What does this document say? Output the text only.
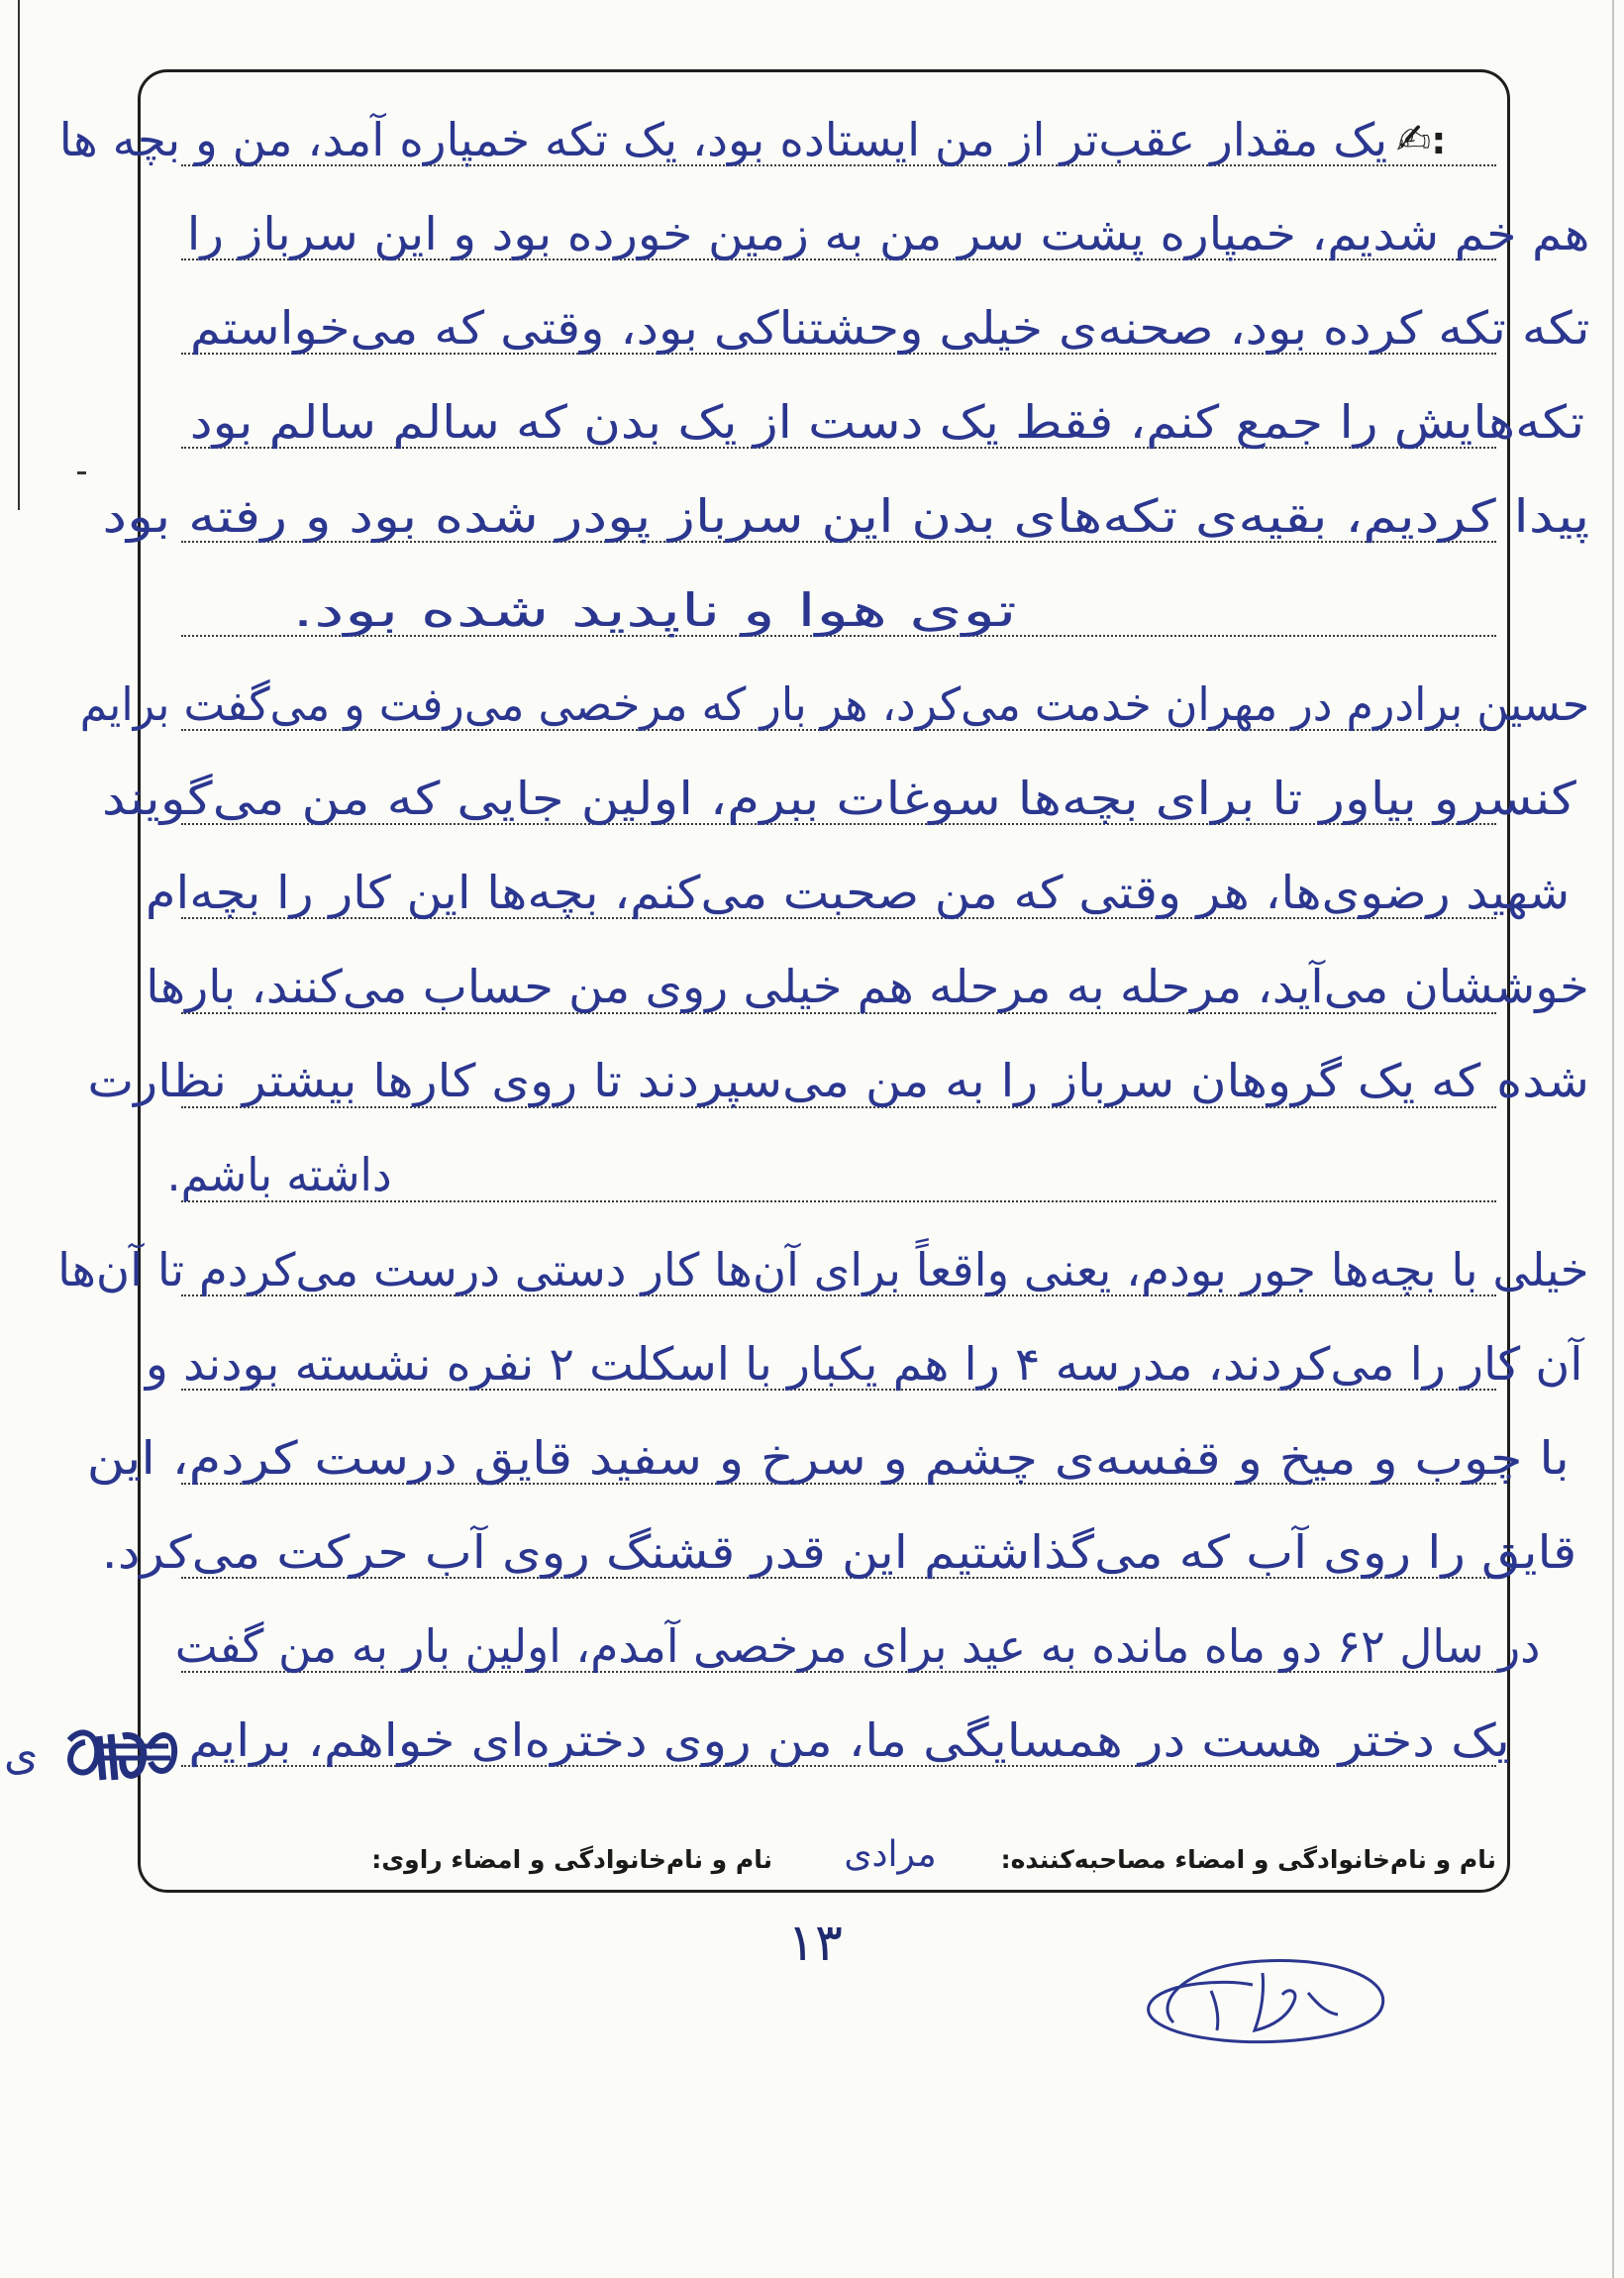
✍ :
یک مقدار عقب‌تر از من ایستاده بود، یک تکه خمپاره آمد، من و بچه ها
هم خم شدیم، خمپاره پشت سر من به زمین خورده بود و این سرباز را
تکه تکه کرده بود، صحنه‌ی خیلی وحشتناکی بود، وقتی که می‌خواستم
تکه‌هایش را جمع کنم، فقط یک دست از یک بدن که سالم سالم بود
پیدا کردیم، بقیه‌ی تکه‌های بدن این سرباز پودر شده بود و رفته بود
توی هوا و ناپدید شده بود.
حسین برادرم در مهران خدمت می‌کرد، هر بار که مرخصی می‌رفت و می‌گفت برایم
کنسرو بیاور تا برای بچه‌ها سوغات ببرم، اولین جایی که من می‌گویند
شهید رضوی‌ها، هر وقتی که من صحبت می‌کنم، بچه‌ها این کار را بچه‌ام
خوششان می‌آید، مرحله به مرحله هم خیلی روی من حساب می‌کنند، بارها
شده که یک گروهان سرباز را به من می‌سپردند تا روی کارها بیشتر نظارت
داشته باشم.
خیلی با بچه‌ها جور بودم، یعنی واقعاً برای آن‌ها کار دستی درست می‌کردم تا آن‌ها
آن کار را می‌کردند، مدرسه ۴ را هم یکبار با اسکلت ۲ نفره نشسته بودند و
با چوب و میخ و قفسه‌ی چشم و سرخ و سفید قایق درست کردم، این
قایق را روی آب که می‌گذاشتیم این قدر قشنگ روی آب حرکت می‌کرد.
در سال ۶۲ دو ماه مانده به عید برای مرخصی آمدم، اولین بار به من گفت
یک دختر هست در همسایگی ما، من روی دختره‌ای خواهم، برایم
ی
نام و نام‌خانوادگی و امضاء مصاحبه‌کننده:
مرادی
نام و نام‌خانوادگی و امضاء راوی:
۱۳
